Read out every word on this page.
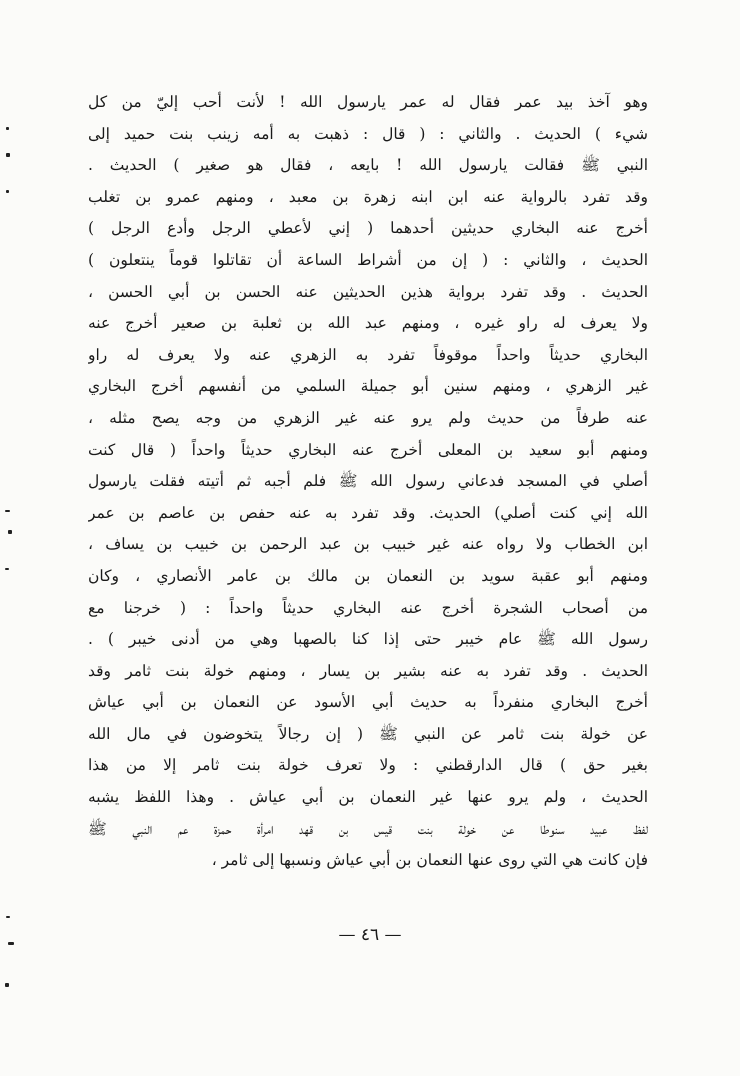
وهو آخذ بيد عمر فقال له عمر يارسول الله ! لأنت أحب إليّ من كل
شيء ) الحديث . والثاني : ( قال : ذهبت به أمه زينب بنت حميد إلى
النبي ﷺ فقالت يارسول الله ! بايعه ، فقال هو صغير ) الحديث .
وقد تفرد بالرواية عنه ابن ابنه زهرة بن معبد ، ومنهم عمرو بن تغلب
أخرج عنه البخاري حديثين أحدهما ( إني لأعطي الرجل وأدع الرجل )
الحديث ، والثاني : ( إن من أشراط الساعة أن تقاتلوا قوماً ينتعلون )
الحديث . وقد تفرد برواية هذين الحديثين عنه الحسن بن أبي الحسن ،
ولا يعرف له راو غيره ، ومنهم عبد الله بن ثعلبة بن صعير أخرج عنه
البخاري حديثاً واحداً موقوفاً تفرد به الزهري عنه ولا يعرف له راو
غير الزهري ، ومنهم سنين أبو جميلة السلمي من أنفسهم أخرج البخاري
عنه طرفاً من حديث ولم يرو عنه غير الزهري من وجه يصح مثله ،
ومنهم أبو سعيد بن المعلى أخرج عنه البخاري حديثاً واحداً ( قال كنت
أصلي في المسجد فدعاني رسول الله ﷺ فلم أجبه ثم أتيته فقلت يارسول
الله إني كنت أصلي) الحديث. وقد تفرد به عنه حفص بن عاصم بن عمر
ابن الخطاب ولا رواه عنه غير خبيب بن عبد الرحمن بن خبيب بن يساف ،
ومنهم أبو عقبة سويد بن النعمان بن مالك بن عامر الأنصاري ، وكان
من أصحاب الشجرة أخرج عنه البخاري حديثاً واحداً : ( خرجنا مع
رسول الله ﷺ عام خيبر حتى إذا كنا بالصهبا وهي من أدنى خيبر ) .
الحديث . وقد تفرد به عنه بشير بن يسار ، ومنهم خولة بنت ثامر وقد
أخرج البخاري منفرداً به حديث أبي الأسود عن النعمان بن أبي عياش
عن خولة بنت ثامر عن النبي ﷺ ( إن رجالاً يتخوضون في مال الله
بغير حق ) قال الدارقطني : ولا تعرف خولة بنت ثامر إلا من هذا
الحديث ، ولم يرو عنها غير النعمان بن أبي عياش . وهذا اللفظ يشبه
لفظ عبيد سنوطا عن خولة بنت قيس بن قهد امرأة حمزة عم النبي ﷺ
فإن كانت هي التي روى عنها النعمان بن أبي عياش ونسبها إلى ثامر ،
— ٤٦ —
